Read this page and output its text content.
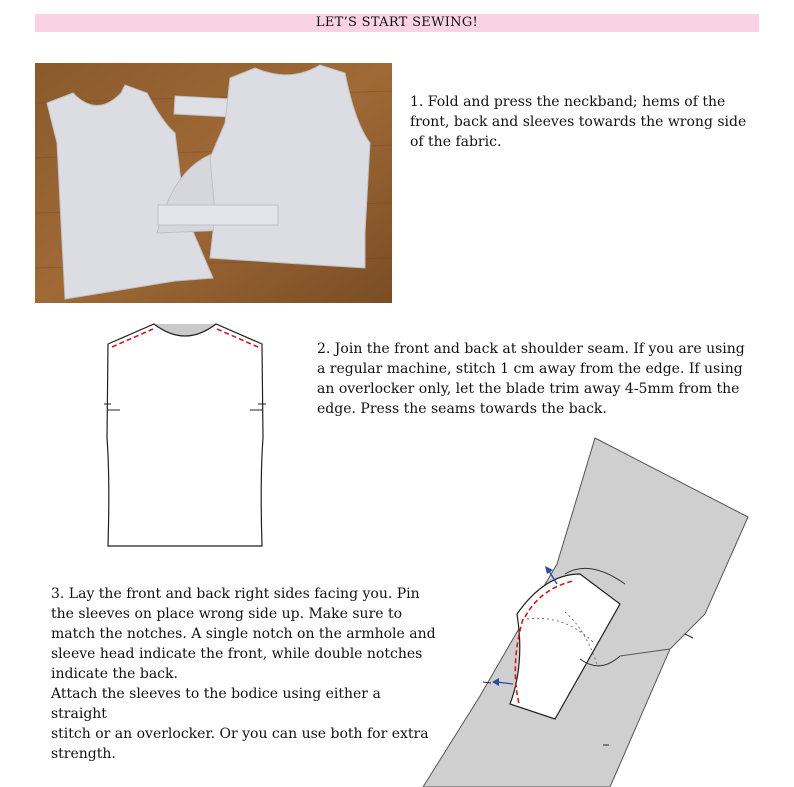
LET’S START SEWING!
1. Fold and press the neckband; hems of the
front, back and sleeves towards the wrong side
of the fabric.
2. Join the front and back at shoulder seam. If you are using
a regular machine, stitch 1 cm away from the edge. If using
an overlocker only, let the blade trim away 4-5mm from the
edge. Press the seams towards the back.
3. Lay the front and back right sides facing you. Pin
the sleeves on place wrong side up. Make sure to
match the notches. A single notch on the armhole and
sleeve head indicate the front, while double notches
indicate the back.
Attach the sleeves to the bodice using either a straight
stitch or an overlocker. Or you can use both for extra
strength.
